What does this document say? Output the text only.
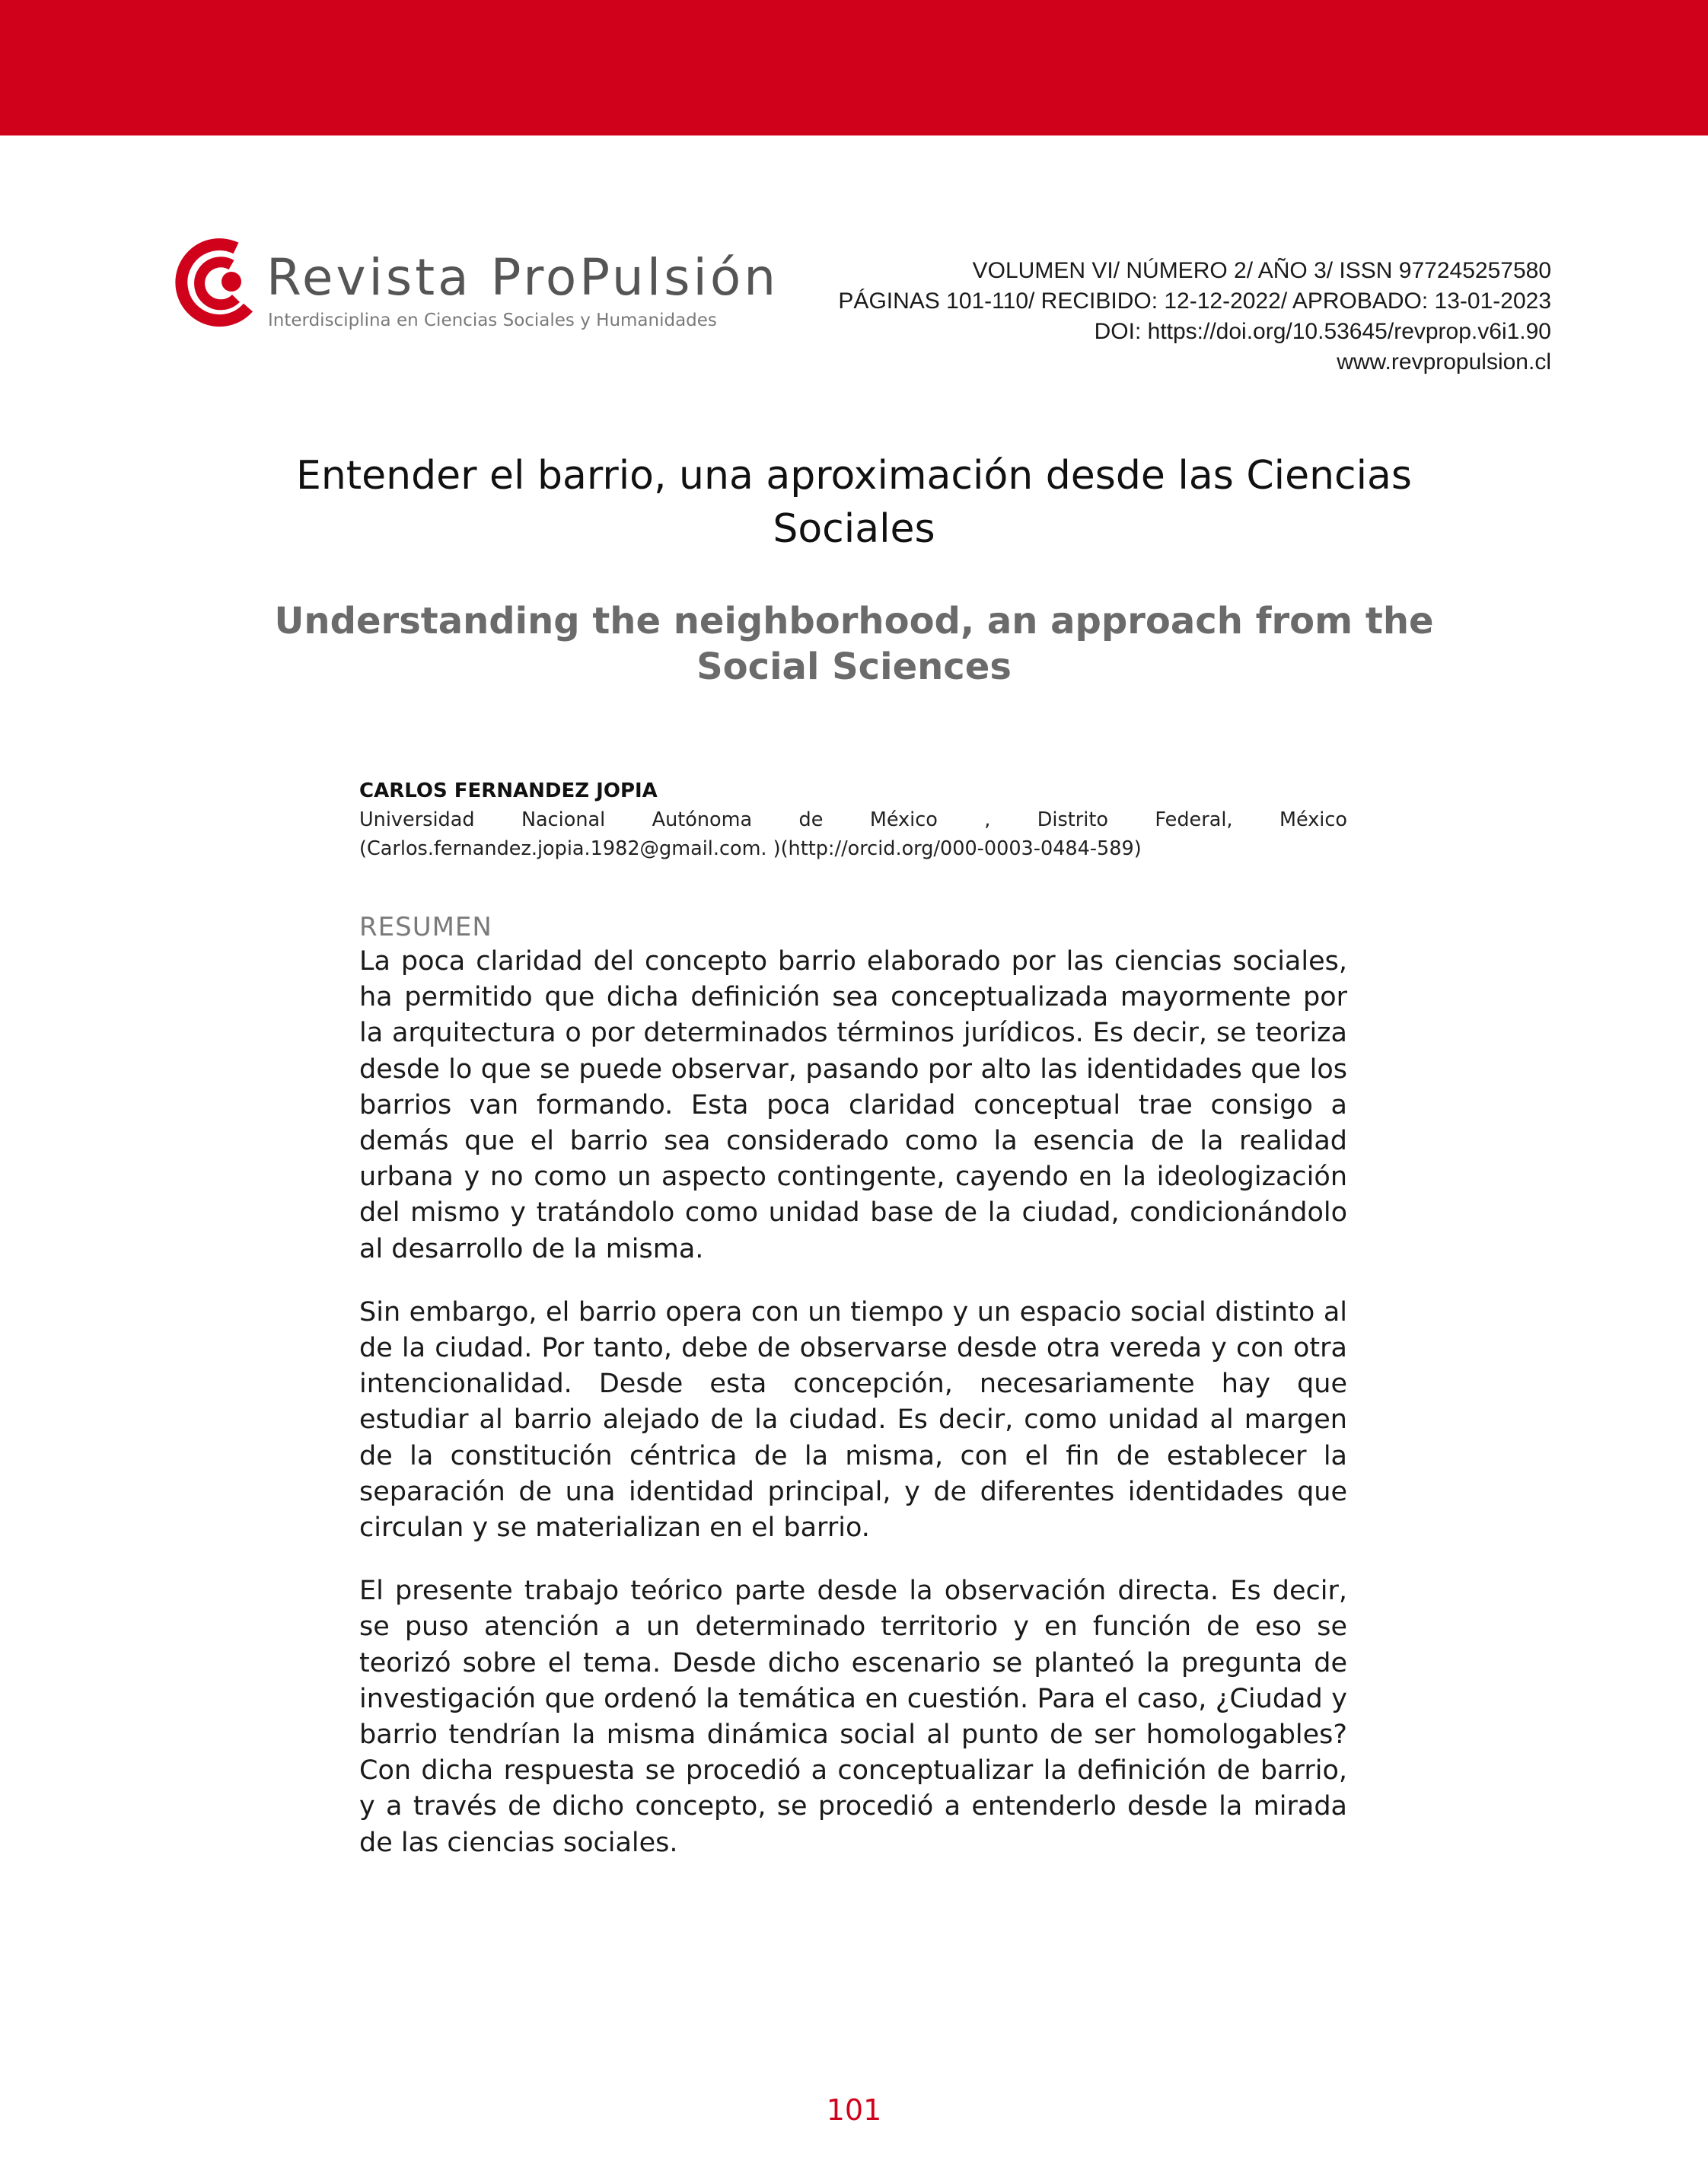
Revista ProPulsión
Interdisciplina en Ciencias Sociales y Humanidades
VOLUMEN VI/ NÚMERO 2/ AÑO 3/ ISSN 977245257580
PÁGINAS 101-110/ RECIBIDO: 12-12-2022/ APROBADO: 13-01-2023
DOI: https://doi.org/10.53645/revprop.v6i1.90
www.revpropulsion.cl
Entender el barrio, una aproximación desde las Ciencias Sociales
Understanding the neighborhood, an approach from the Social Sciences
CARLOS FERNANDEZ JOPIA
Universidad Nacional Autónoma de México , Distrito Federal, México (Carlos.fernandez.jopia.1982@gmail.com. )(http://orcid.org/000-0003-0484-589)
RESUMEN

La poca claridad del concepto barrio elaborado por las ciencias sociales, ha permitido que dicha definición sea conceptualizada mayormente por la arquitectura o por determinados términos jurídicos. Es decir, se teoriza desde lo que se puede observar, pasando por alto las identidades que los barrios van formando. Esta poca claridad conceptual trae consigo a demás que el barrio sea considerado como la esencia de la realidad urbana y no como un aspecto contingente, cayendo en la ideologización del mismo y tratándolo como unidad base de la ciudad, condicionándolo al desarrollo de la misma.

Sin embargo, el barrio opera con un tiempo y un espacio social distinto al de la ciudad. Por tanto, debe de observarse desde otra vereda y con otra intencionalidad. Desde esta concepción, necesariamente hay que estudiar al barrio alejado de la ciudad. Es decir, como unidad al margen de la constitución céntrica de la misma, con el fin de establecer la separación de una identidad principal, y de diferentes identidades que circulan y se materializan en el barrio.

El presente trabajo teórico parte desde la observación directa. Es decir, se puso atención a un determinado territorio y en función de eso se teorizó sobre el tema. Desde dicho escenario se planteó la pregunta de investigación que ordenó la temática en cuestión. Para el caso, ¿Ciudad y barrio tendrían la misma dinámica social al punto de ser homologables? Con dicha respuesta se procedió a conceptualizar la definición de barrio, y a través de dicho concepto, se procedió a entenderlo desde la mirada de las ciencias sociales.

101
